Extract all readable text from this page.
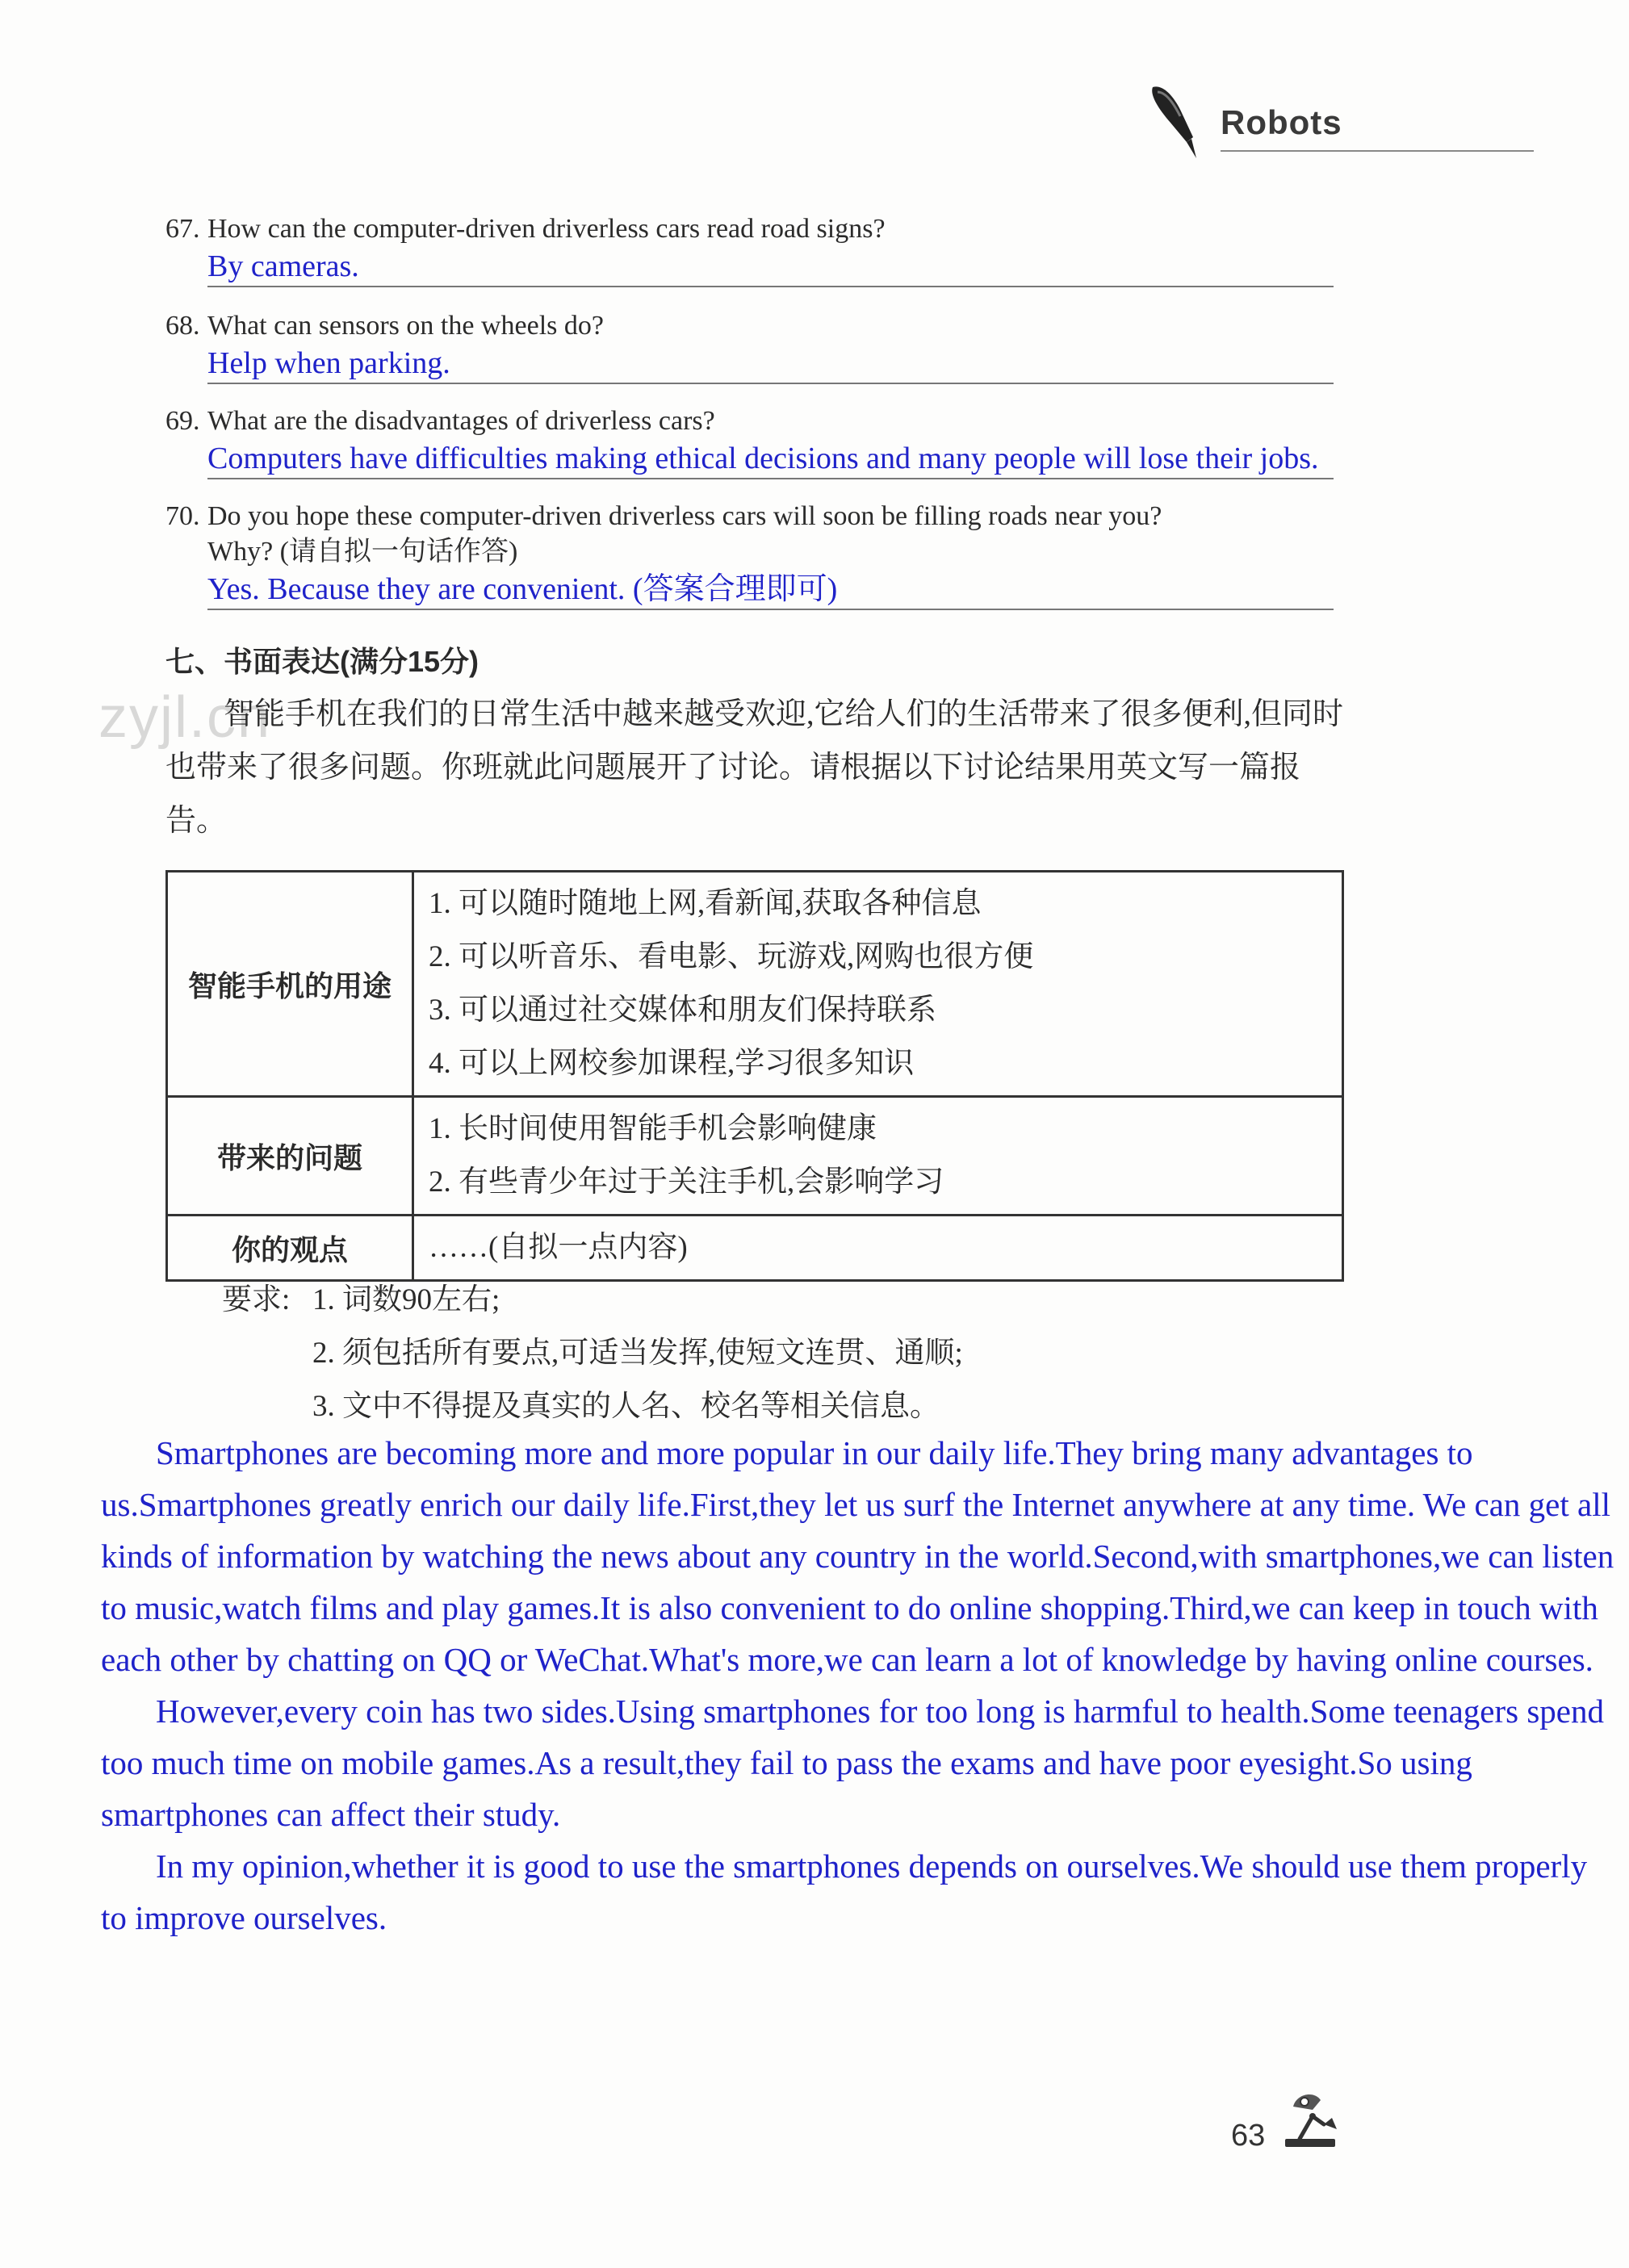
Robots
67. How can the computer-driven driverless cars read road signs?
By cameras.
68. What can sensors on the wheels do?
Help when parking.
69. What are the disadvantages of driverless cars?
Computers have difficulties making ethical decisions and many people will lose their jobs.
70. Do you hope these computer-driven driverless cars will soon be filling roads near you?
Why? (请自拟一句话作答)
Yes. Because they are convenient. (答案合理即可)
七、书面表达(满分15分)
zyjl.cn
智能手机在我们的日常生活中越来越受欢迎,它给人们的生活带来了很多便利,但同时也带来了很多问题。你班就此问题展开了讨论。请根据以下讨论结果用英文写一篇报告。
智能手机的用途	1. 可以随时随地上网,看新闻,获取各种信息
2. 可以听音乐、看电影、玩游戏,网购也很方便
3. 可以通过社交媒体和朋友们保持联系
4. 可以上网校参加课程,学习很多知识

带来的问题	1. 长时间使用智能手机会影响健康
2. 有些青少年过于关注手机,会影响学习

你的观点	……(自拟一点内容)
要求: 1. 词数90左右;
2. 须包括所有要点,可适当发挥,使短文连贯、通顺;
3. 文中不得提及真实的人名、校名等相关信息。

Smartphones are becoming more and more popular in our daily life.They bring many advantages to us.Smartphones greatly enrich our daily life.First,they let us surf the Internet anywhere at any time. We can get all kinds of information by watching the news about any country in the world.Second,with smartphones,we can listen to music,watch films and play games.It is also convenient to do online shopping.Third,we can keep in touch with each other by chatting on QQ or WeChat.What's more,we can learn a lot of knowledge by having online courses.

However,every coin has two sides.Using smartphones for too long is harmful to health.Some teenagers spend too much time on mobile games.As a result,they fail to pass the exams and have poor eyesight.So using smartphones can affect their study.

In my opinion,whether it is good to use the smartphones depends on ourselves.We should use them properly to improve ourselves.

63
